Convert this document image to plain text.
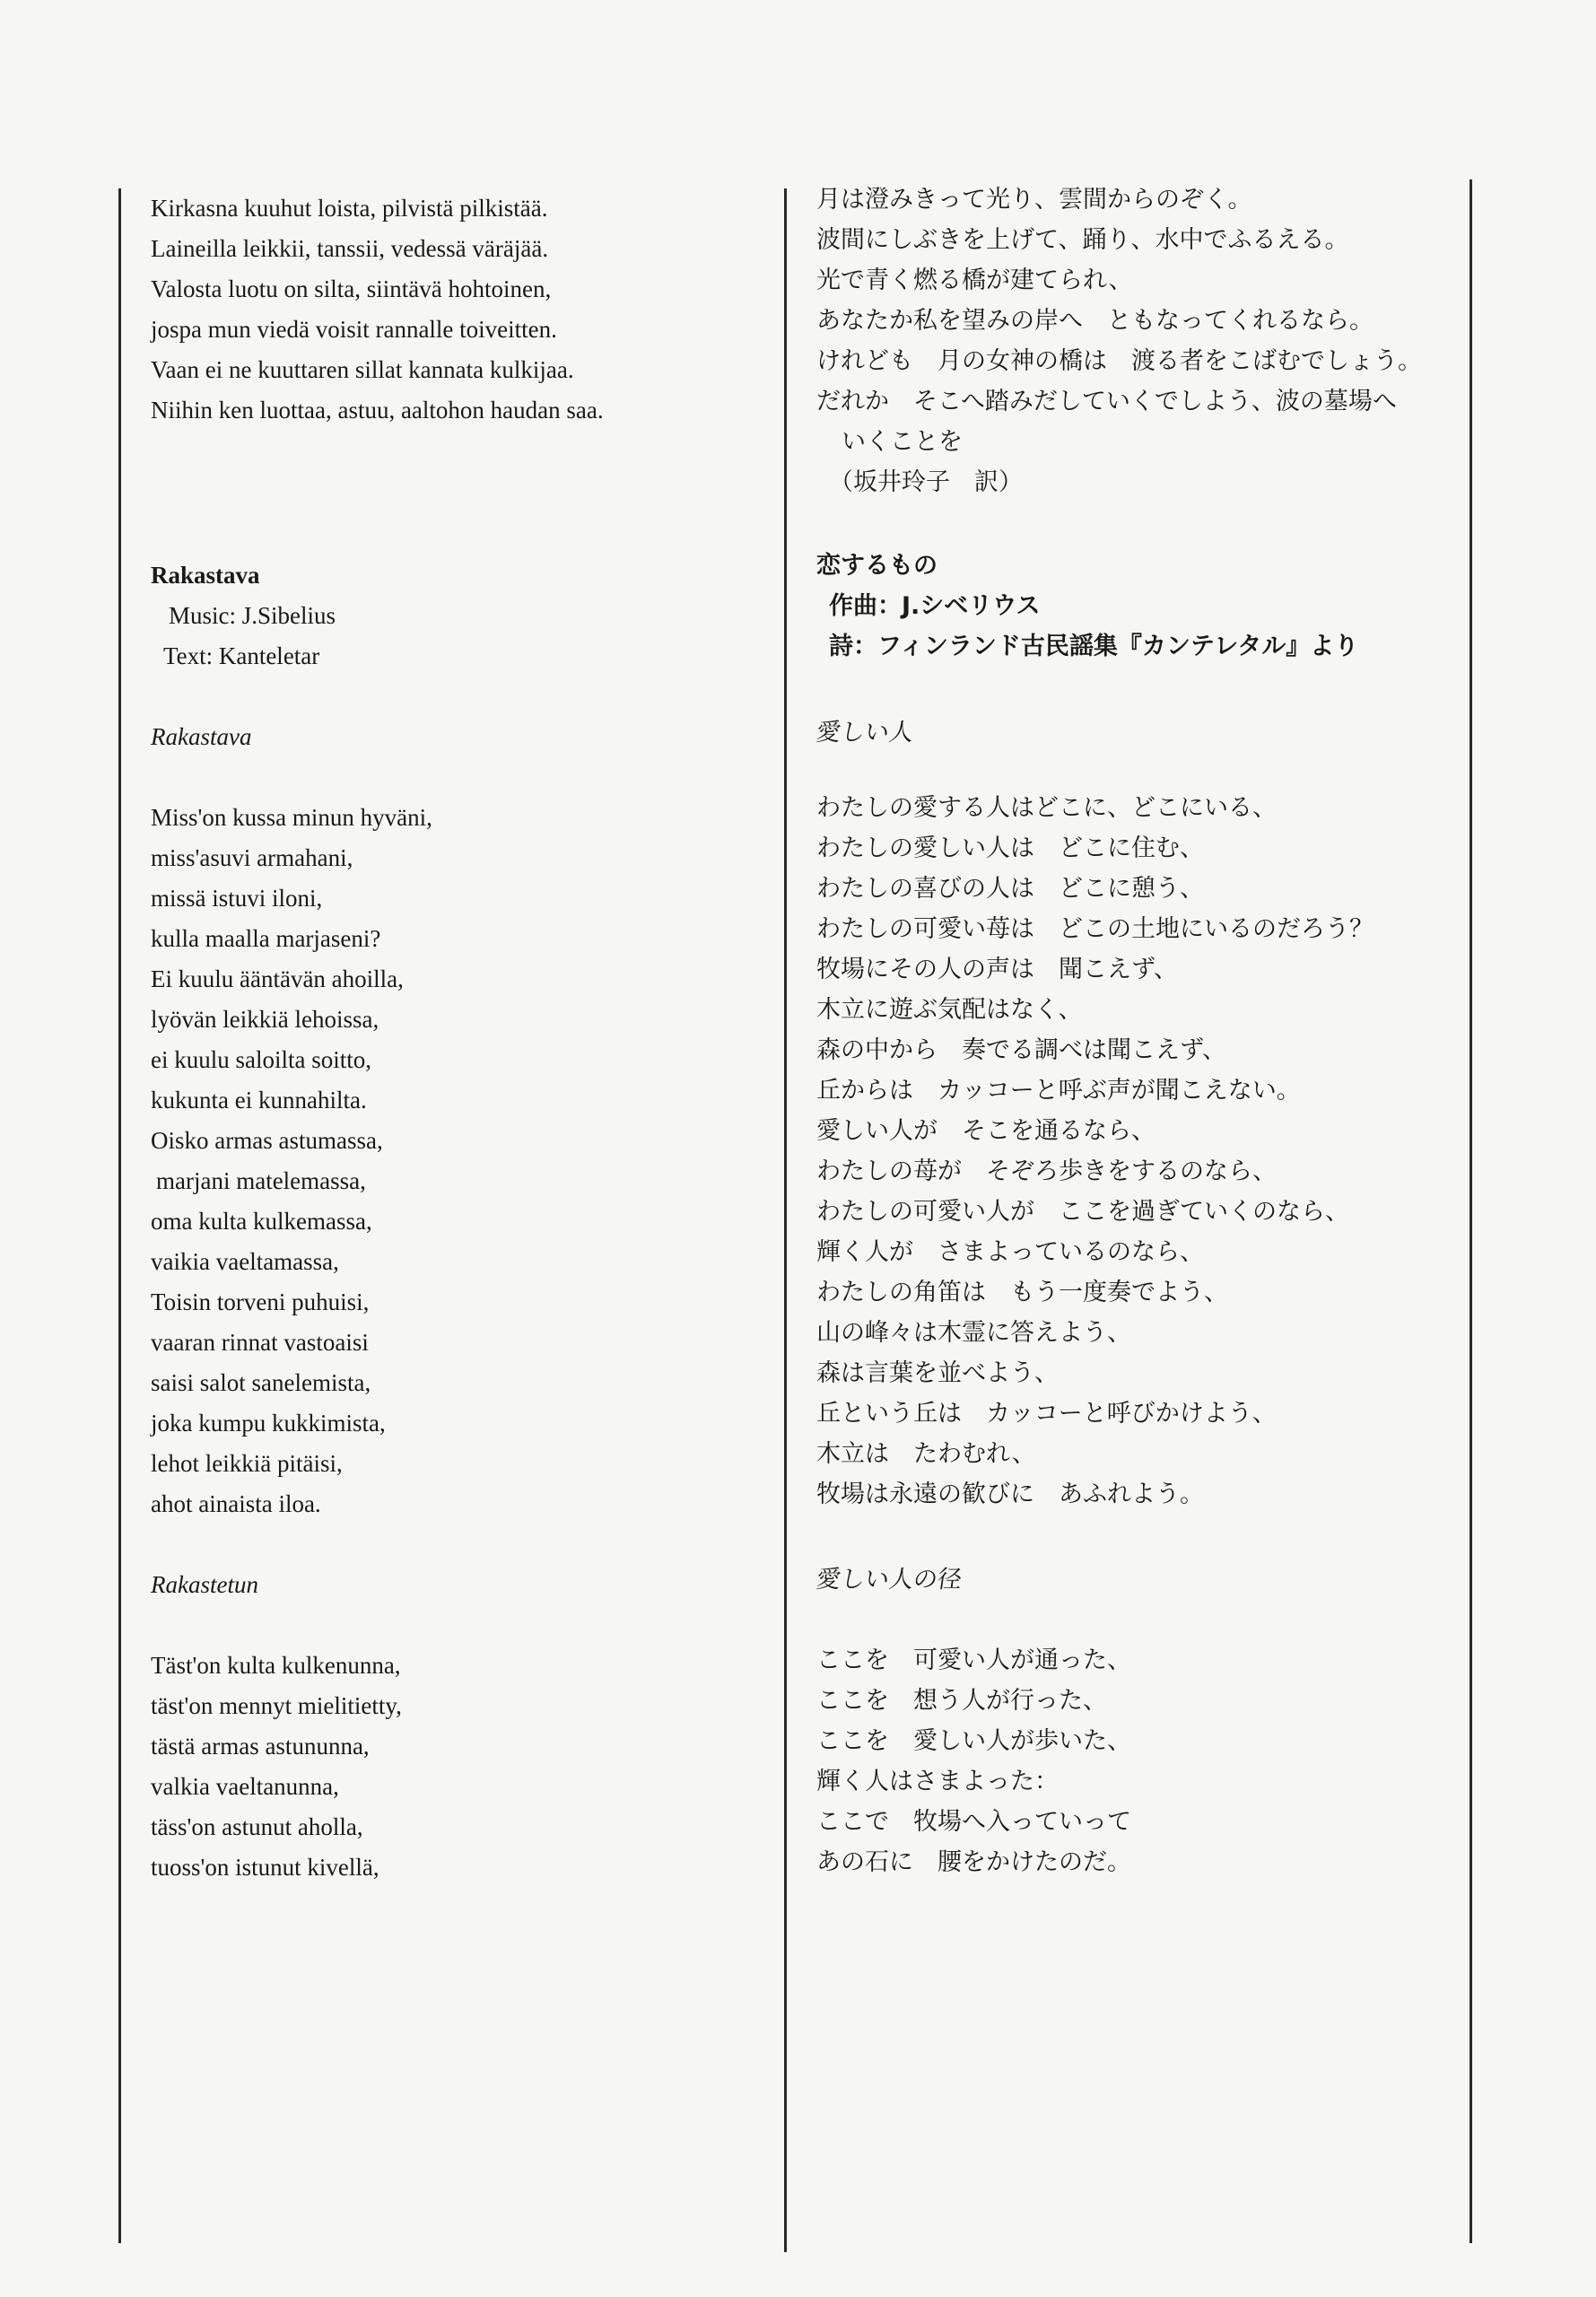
Kirkasna kuuhut loista, pilvistä pilkistää.
Laineilla leikkii, tanssii, vedessä väräjää.
Valosta luotu on silta, siintävä hohtoinen,
jospa mun viedä voisit rannalle toiveitten.
Vaan ei ne kuuttaren sillat kannata kulkijaa.
Niihin ken luottaa, astuu, aaltohon haudan saa.
Rakastava
Music: J.Sibelius
Text: Kanteletar
Rakastava
Miss'on kussa minun hyväni,
miss'asuvi armahani,
missä istuvi iloni,
kulla maalla marjaseni?
Ei kuulu ääntävän ahoilla,
lyövän leikkiä lehoissa,
ei kuulu saloilta soitto,
kukunta ei kunnahilta.
Oisko armas astumassa,
marjani matelemassa,
oma kulta kulkemassa,
vaikia vaeltamassa,
Toisin torveni puhuisi,
vaaran rinnat vastoaisi
saisi salot sanelemista,
joka kumpu kukkimista,
lehot leikkiä pitäisi,
ahot ainaista iloa.
Rakastetun
Täst'on kulta kulkenunna,
täst'on mennyt mielitietty,
tästä armas astununna,
valkia vaeltanunna,
täss'on astunut aholla,
tuoss'on istunut kivellä,
月は澄みきって光り、雲間からのぞく。
波間にしぶきを上げて、踊り、水中でふるえる。
光で青く燃る橋が建てられ、
あなたか私を望みの岸へ　ともなってくれるなら。
けれども　月の女神の橋は　渡る者をこばむでしょう。
だれか　そこへ踏みだしていくでしよう、波の墓場へ
いくことを
（坂井玲子　訳）
恋するもの
作曲：J.シベリウス
詩：フィンランド古民謡集『カンテレタル』より
愛しい人
わたしの愛する人はどこに、どこにいる、
わたしの愛しい人は　どこに住む、
わたしの喜びの人は　どこに憩う、
わたしの可愛い苺は　どこの土地にいるのだろう？
牧場にその人の声は　聞こえず、
木立に遊ぶ気配はなく、
森の中から　奏でる調べは聞こえず、
丘からは　カッコーと呼ぶ声が聞こえない。
愛しい人が　そこを通るなら、
わたしの苺が　そぞろ歩きをするのなら、
わたしの可愛い人が　ここを過ぎていくのなら、
輝く人が　さまよっているのなら、
わたしの角笛は　もう一度奏でよう、
山の峰々は木霊に答えよう、
森は言葉を並べよう、
丘という丘は　カッコーと呼びかけよう、
木立は　たわむれ、
牧場は永遠の歓びに　あふれよう。
愛しい人の径
ここを　可愛い人が通った、
ここを　想う人が行った、
ここを　愛しい人が歩いた、
輝く人はさまよった：
ここで　牧場へ入っていって
あの石に　腰をかけたのだ。
